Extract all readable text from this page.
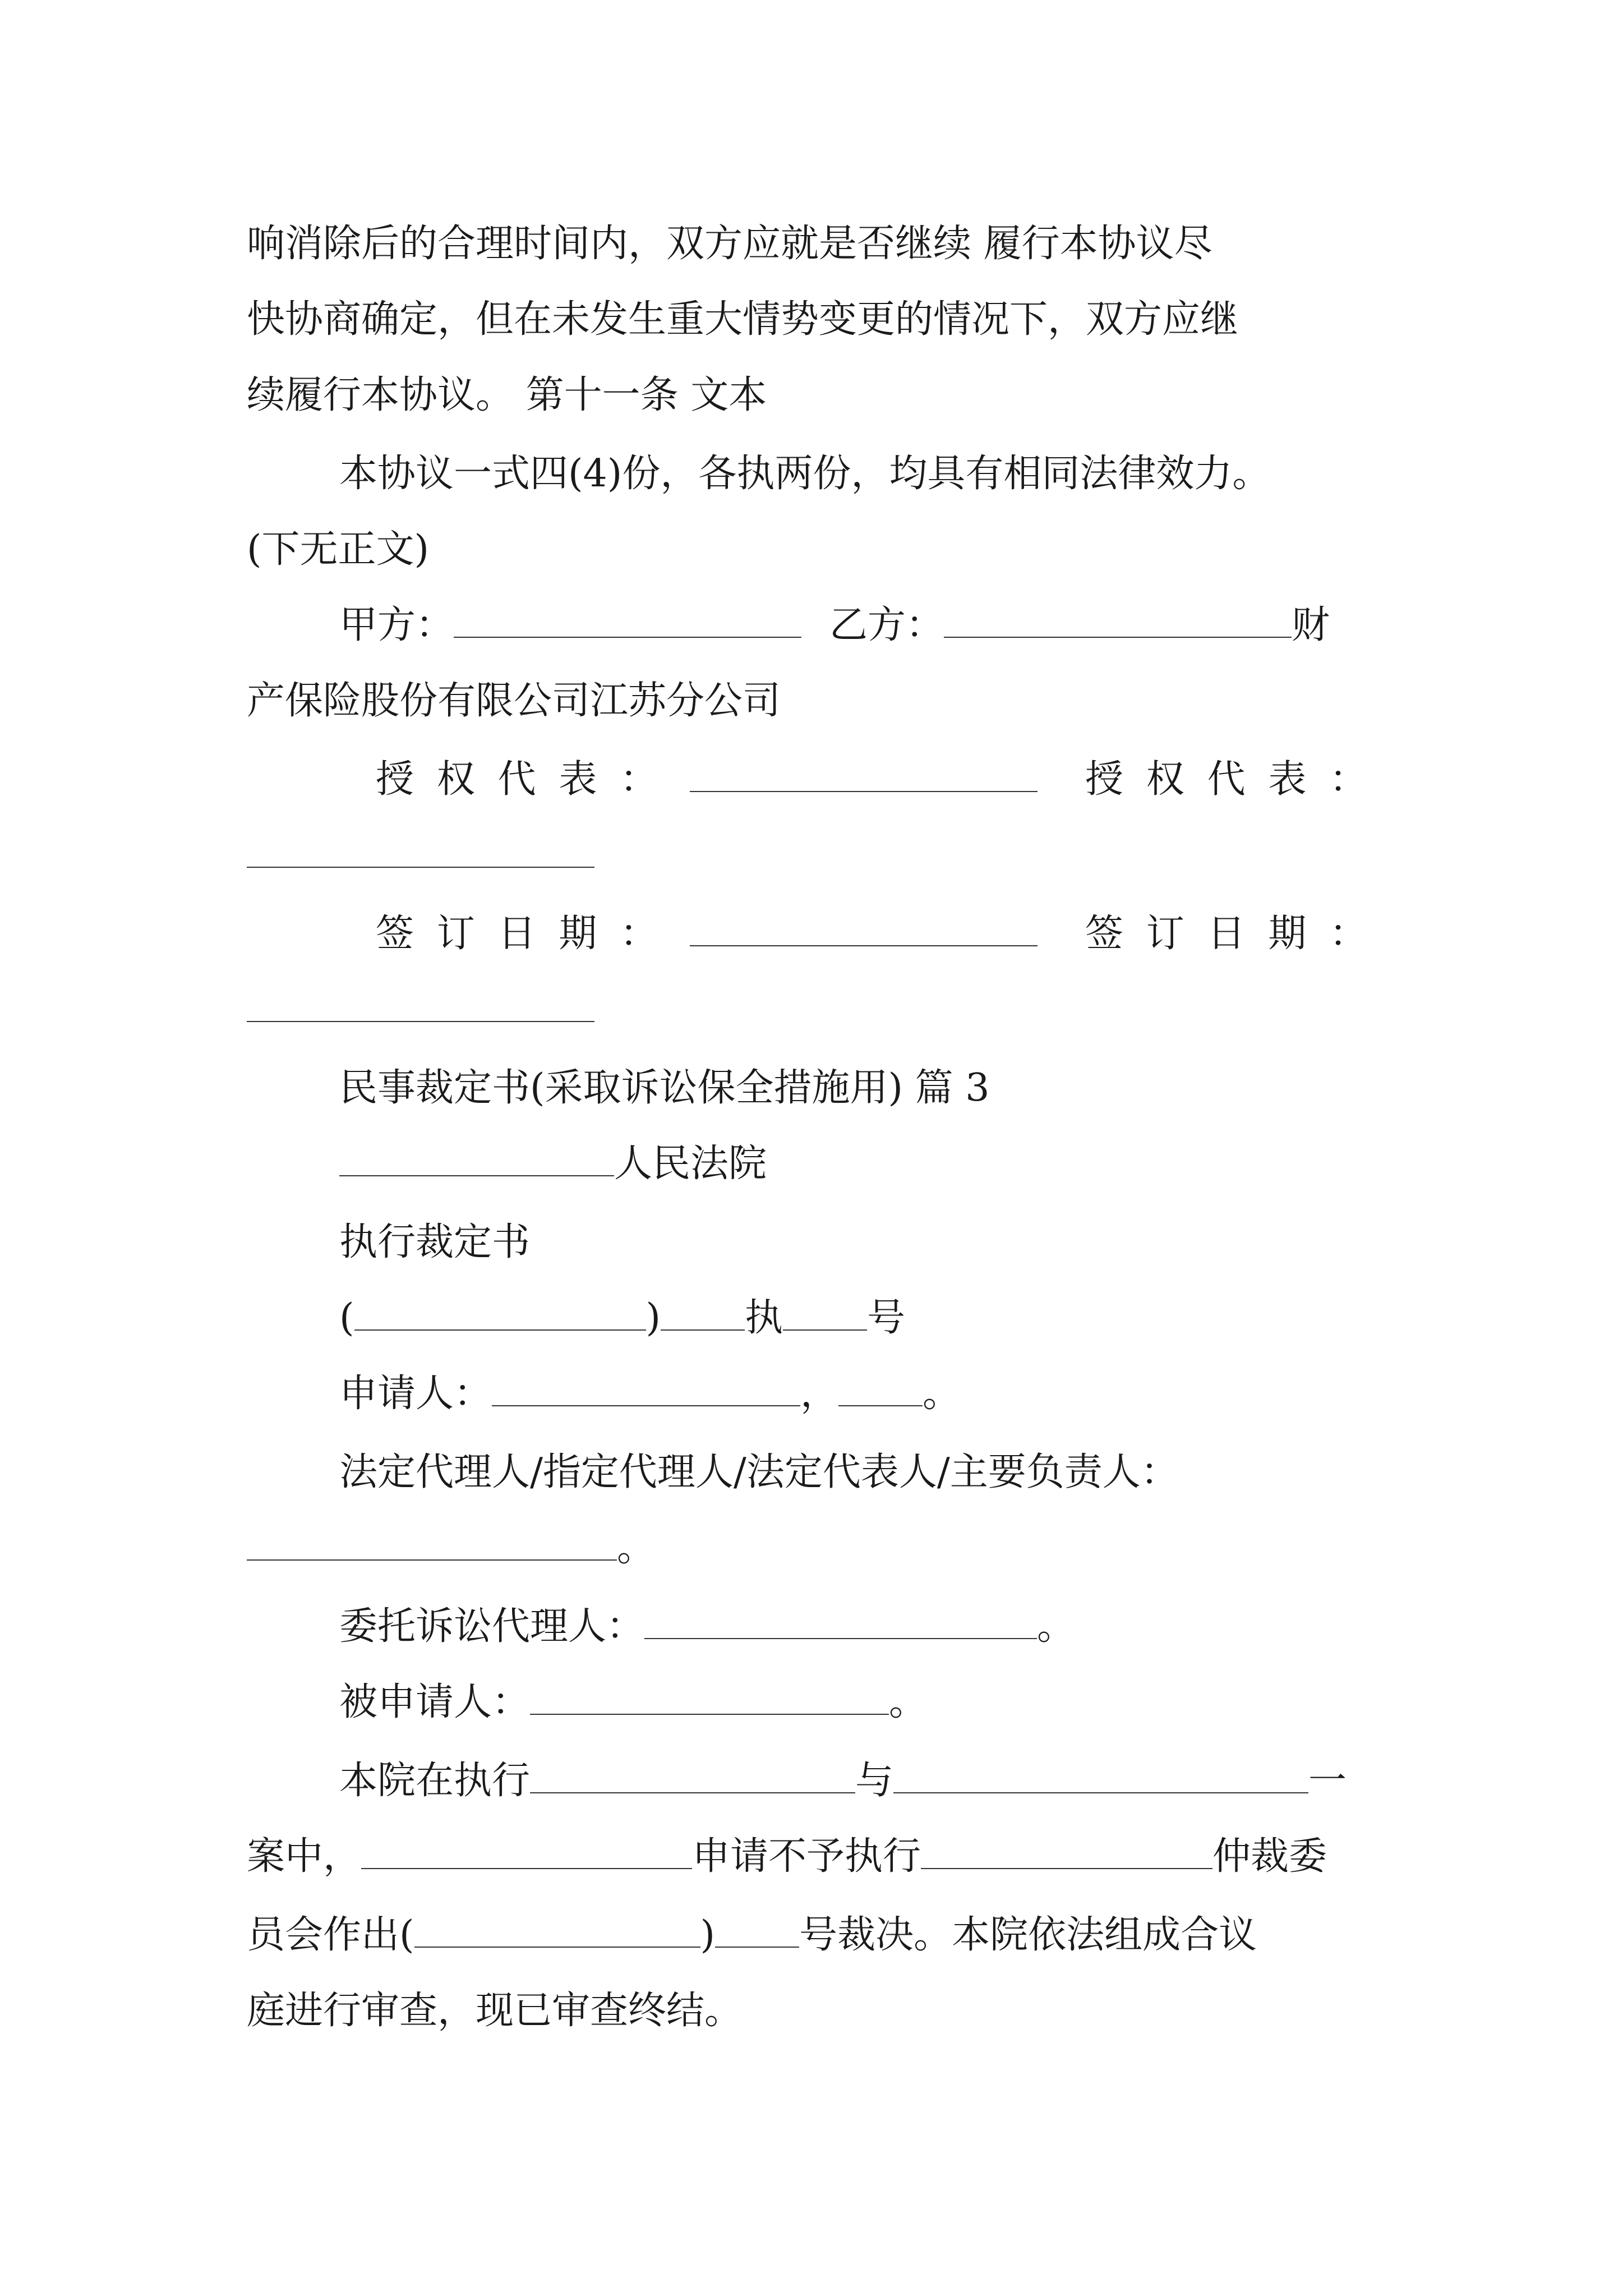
响消除后的合理时间内，双方应就是否继续 履行本协议尽
快协商确定，但在未发生重大情势变更的情况下，双方应继
续履行本协议。 第十一条 文本
本协议一式四(4)份，各执两份，均具有相同法律效力。
(下无正文)
甲方：	乙方：	财
产保险股份有限公司江苏分公司
授权代表：	授权代表：
签订日期：	签订日期：
民事裁定书(采取诉讼保全措施用) 篇 3
人民法院
执行裁定书
(	) 执 号
申请人：	， 。
法定代理人/指定代理人/法定代表人/主要负责人：
。
委托诉讼代理人：	。
被申请人：	。
本院在执行	与	一
案中，	申请不予执行	仲裁委
员会作出(	) 号裁决。本院依法组成合议
庭进行审查，现已审查终结。
